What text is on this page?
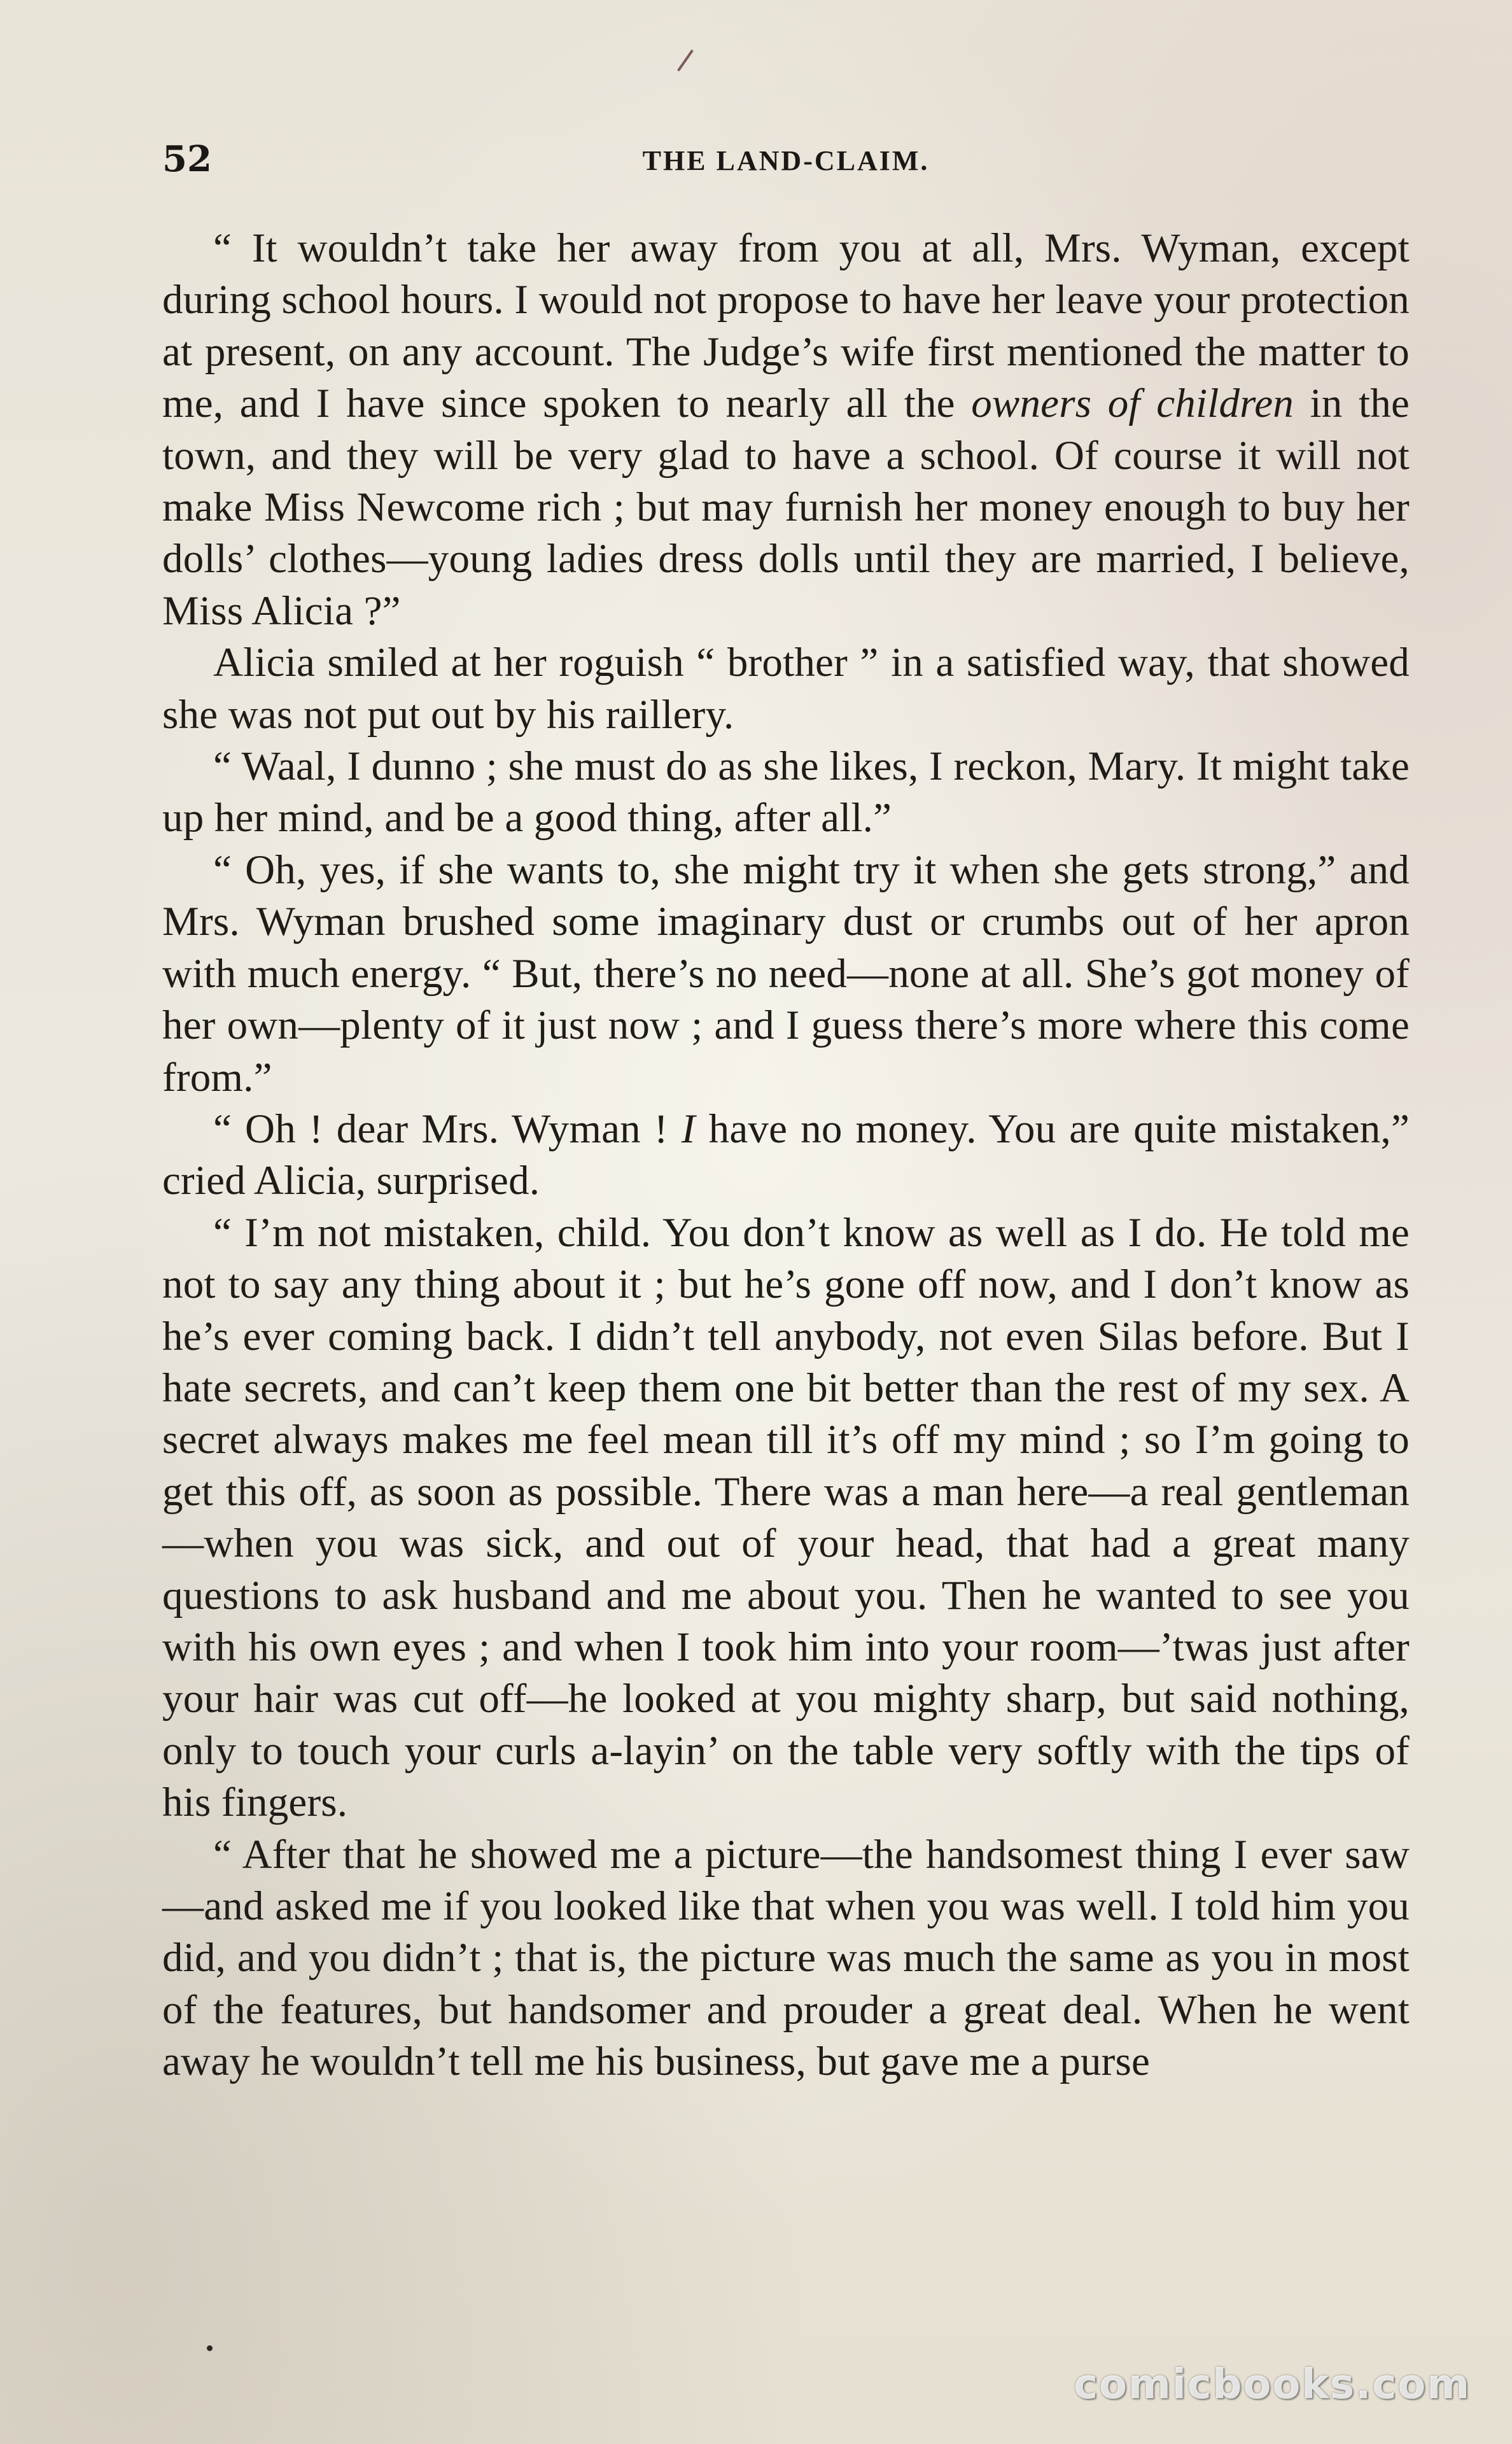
52	THE LAND-CLAIM.

“ It wouldn’t take her away from you at all, Mrs. Wyman, except during school hours. I would not propose to have her leave your protection at present, on any account. The Judge’s wife first mentioned the matter to me, and I have since spoken to nearly all the owners of children in the town, and they will be very glad to have a school. Of course it will not make Miss Newcome rich ; but may furnish her money enough to buy her dolls’ clothes—young ladies dress dolls until they are married, I believe, Miss Alicia ?”

Alicia smiled at her roguish “ brother ” in a satisfied way, that showed she was not put out by his raillery.

“ Waal, I dunno ; she must do as she likes, I reckon, Mary. It might take up her mind, and be a good thing, after all.”

“ Oh, yes, if she wants to, she might try it when she gets strong,” and Mrs. Wyman brushed some imaginary dust or crumbs out of her apron with much energy. “ But, there’s no need—none at all. She’s got money of her own—plenty of it just now ; and I guess there’s more where this come from.”

“ Oh ! dear Mrs. Wyman ! I have no money. You are quite mistaken,” cried Alicia, surprised.

“ I’m not mistaken, child. You don’t know as well as I do. He told me not to say any thing about it ; but he’s gone off now, and I don’t know as he’s ever coming back. I didn’t tell anybody, not even Silas before. But I hate secrets, and can’t keep them one bit better than the rest of my sex. A secret always makes me feel mean till it’s off my mind ; so I’m going to get this off, as soon as possible. There was a man here—a real gentleman—when you was sick, and out of your head, that had a great many questions to ask husband and me about you. Then he wanted to see you with his own eyes ; and when I took him into your room—’twas just after your hair was cut off—he looked at you mighty sharp, but said nothing, only to touch your curls a-layin’ on the table very softly with the tips of his fingers.

“ After that he showed me a picture—the handsomest thing I ever saw—and asked me if you looked like that when you was well. I told him you did, and you didn’t ; that is, the picture was much the same as you in most of the features, but handsomer and prouder a great deal. When he went away he wouldn’t tell me his business, but gave me a purse

comicbooks.com
